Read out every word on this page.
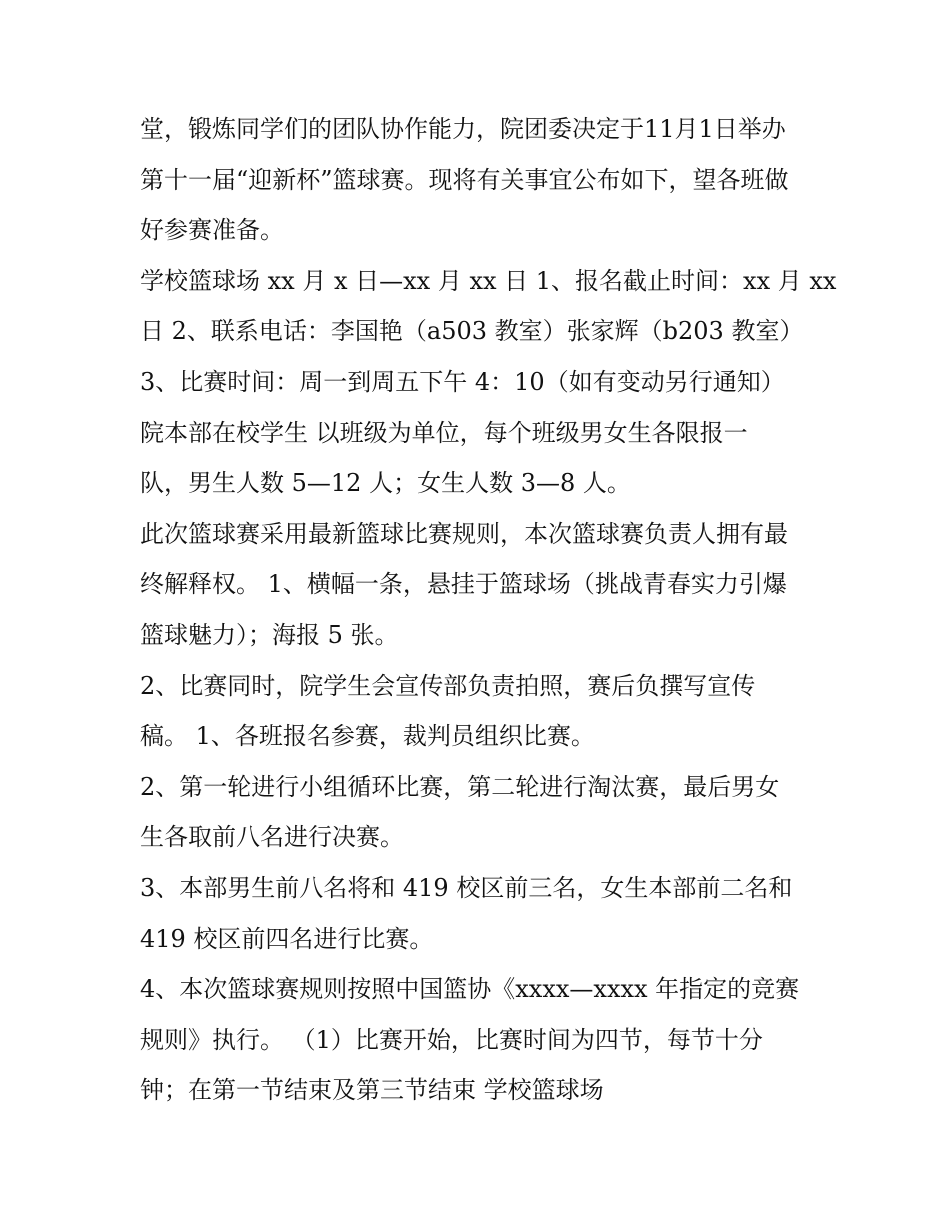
堂，锻炼同学们的团队协作能力，院团委决定于11月1日举办
第十一届“迎新杯”篮球赛。现将有关事宜公布如下，望各班做
好参赛准备。
学校篮球场 xx 月 x 日—xx 月 xx 日 1、报名截止时间：xx 月 xx
日 2、联系电话：李国艳（a503 教室）张家辉（b203 教室）
3、比赛时间：周一到周五下午 4：10（如有变动另行通知）
院本部在校学生 以班级为单位，每个班级男女生各限报一
队，男生人数 5—12 人；女生人数 3—8 人。
此次篮球赛采用最新篮球比赛规则，本次篮球赛负责人拥有最
终解释权。 1、横幅一条，悬挂于篮球场（挑战青春实力引爆
篮球魅力）；海报 5 张。
2、比赛同时，院学生会宣传部负责拍照，赛后负撰写宣传
稿。 1、各班报名参赛，裁判员组织比赛。
2、第一轮进行小组循环比赛，第二轮进行淘汰赛，最后男女
生各取前八名进行决赛。
3、本部男生前八名将和 419 校区前三名，女生本部前二名和
419 校区前四名进行比赛。
4、本次篮球赛规则按照中国篮协《xxxx—xxxx 年指定的竞赛
规则》执行。 （1）比赛开始，比赛时间为四节，每节十分
钟；在第一节结束及第三节结束 学校篮球场
